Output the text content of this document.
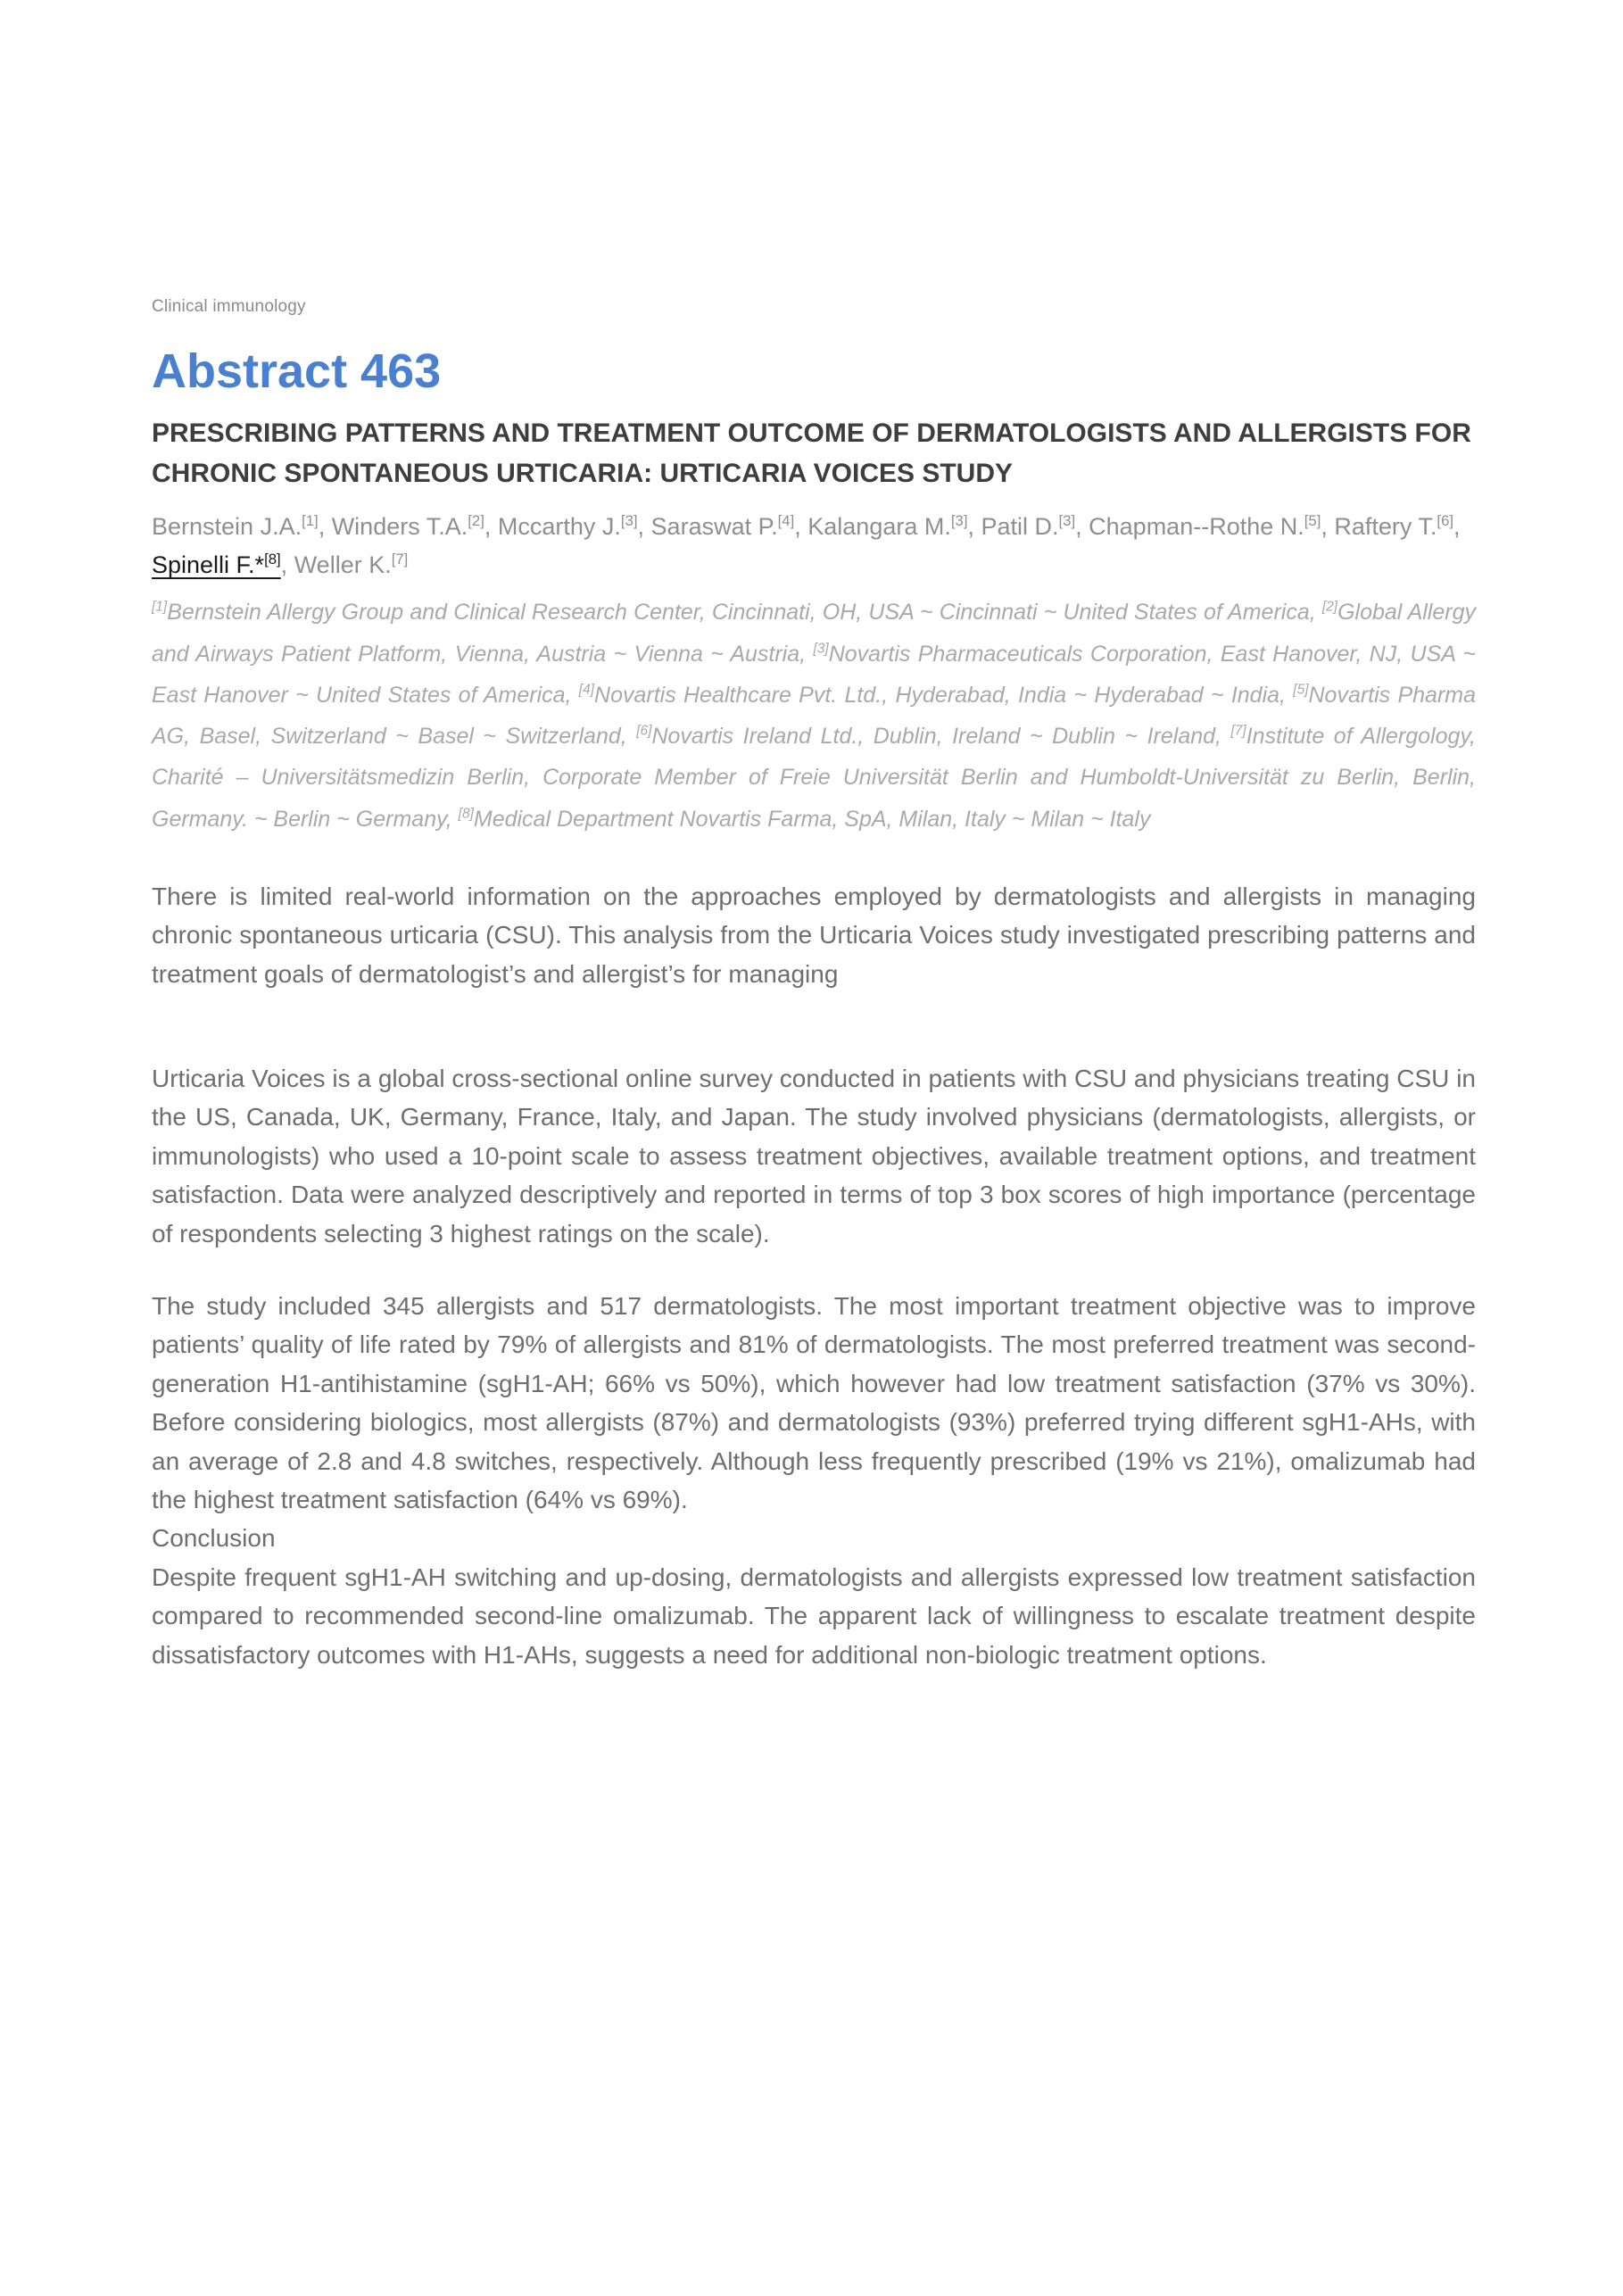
Clinical immunology
Abstract 463
PRESCRIBING PATTERNS AND TREATMENT OUTCOME OF DERMATOLOGISTS AND ALLERGISTS FOR CHRONIC SPONTANEOUS URTICARIA: URTICARIA VOICES STUDY
Bernstein J.A.[1], Winders T.A.[2], Mccarthy J.[3], Saraswat P.[4], Kalangara M.[3], Patil D.[3], Chapman--Rothe N.[5], Raftery T.[6], Spinelli F.*[8], Weller K.[7]
[1]Bernstein Allergy Group and Clinical Research Center, Cincinnati, OH, USA ~ Cincinnati ~ United States of America, [2]Global Allergy and Airways Patient Platform, Vienna, Austria ~ Vienna ~ Austria, [3]Novartis Pharmaceuticals Corporation, East Hanover, NJ, USA ~ East Hanover ~ United States of America, [4]Novartis Healthcare Pvt. Ltd., Hyderabad, India ~ Hyderabad ~ India, [5]Novartis Pharma AG, Basel, Switzerland ~ Basel ~ Switzerland, [6]Novartis Ireland Ltd., Dublin, Ireland ~ Dublin ~ Ireland, [7]Institute of Allergology, Charité – Universitätsmedizin Berlin, Corporate Member of Freie Universität Berlin and Humboldt-Universität zu Berlin, Berlin, Germany. ~ Berlin ~ Germany, [8]Medical Department Novartis Farma, SpA, Milan, Italy ~ Milan ~ Italy

There is limited real-world information on the approaches employed by dermatologists and allergists in managing chronic spontaneous urticaria (CSU). This analysis from the Urticaria Voices study investigated prescribing patterns and treatment goals of dermatologist’s and allergist’s for managing

Urticaria Voices is a global cross-sectional online survey conducted in patients with CSU and physicians treating CSU in the US, Canada, UK, Germany, France, Italy, and Japan. The study involved physicians (dermatologists, allergists, or immunologists) who used a 10-point scale to assess treatment objectives, available treatment options, and treatment satisfaction. Data were analyzed descriptively and reported in terms of top 3 box scores of high importance (percentage of respondents selecting 3 highest ratings on the scale).

The study included 345 allergists and 517 dermatologists. The most important treatment objective was to improve patients’ quality of life rated by 79% of allergists and 81% of dermatologists. The most preferred treatment was second-generation H1-antihistamine (sgH1-AH; 66% vs 50%), which however had low treatment satisfaction (37% vs 30%). Before considering biologics, most allergists (87%) and dermatologists (93%) preferred trying different sgH1-AHs, with an average of 2.8 and 4.8 switches, respectively. Although less frequently prescribed (19% vs 21%), omalizumab had the highest treatment satisfaction (64% vs 69%).

Conclusion

Despite frequent sgH1-AH switching and up-dosing, dermatologists and allergists expressed low treatment satisfaction compared to recommended second-line omalizumab. The apparent lack of willingness to escalate treatment despite dissatisfactory outcomes with H1-AHs, suggests a need for additional non-biologic treatment options.
